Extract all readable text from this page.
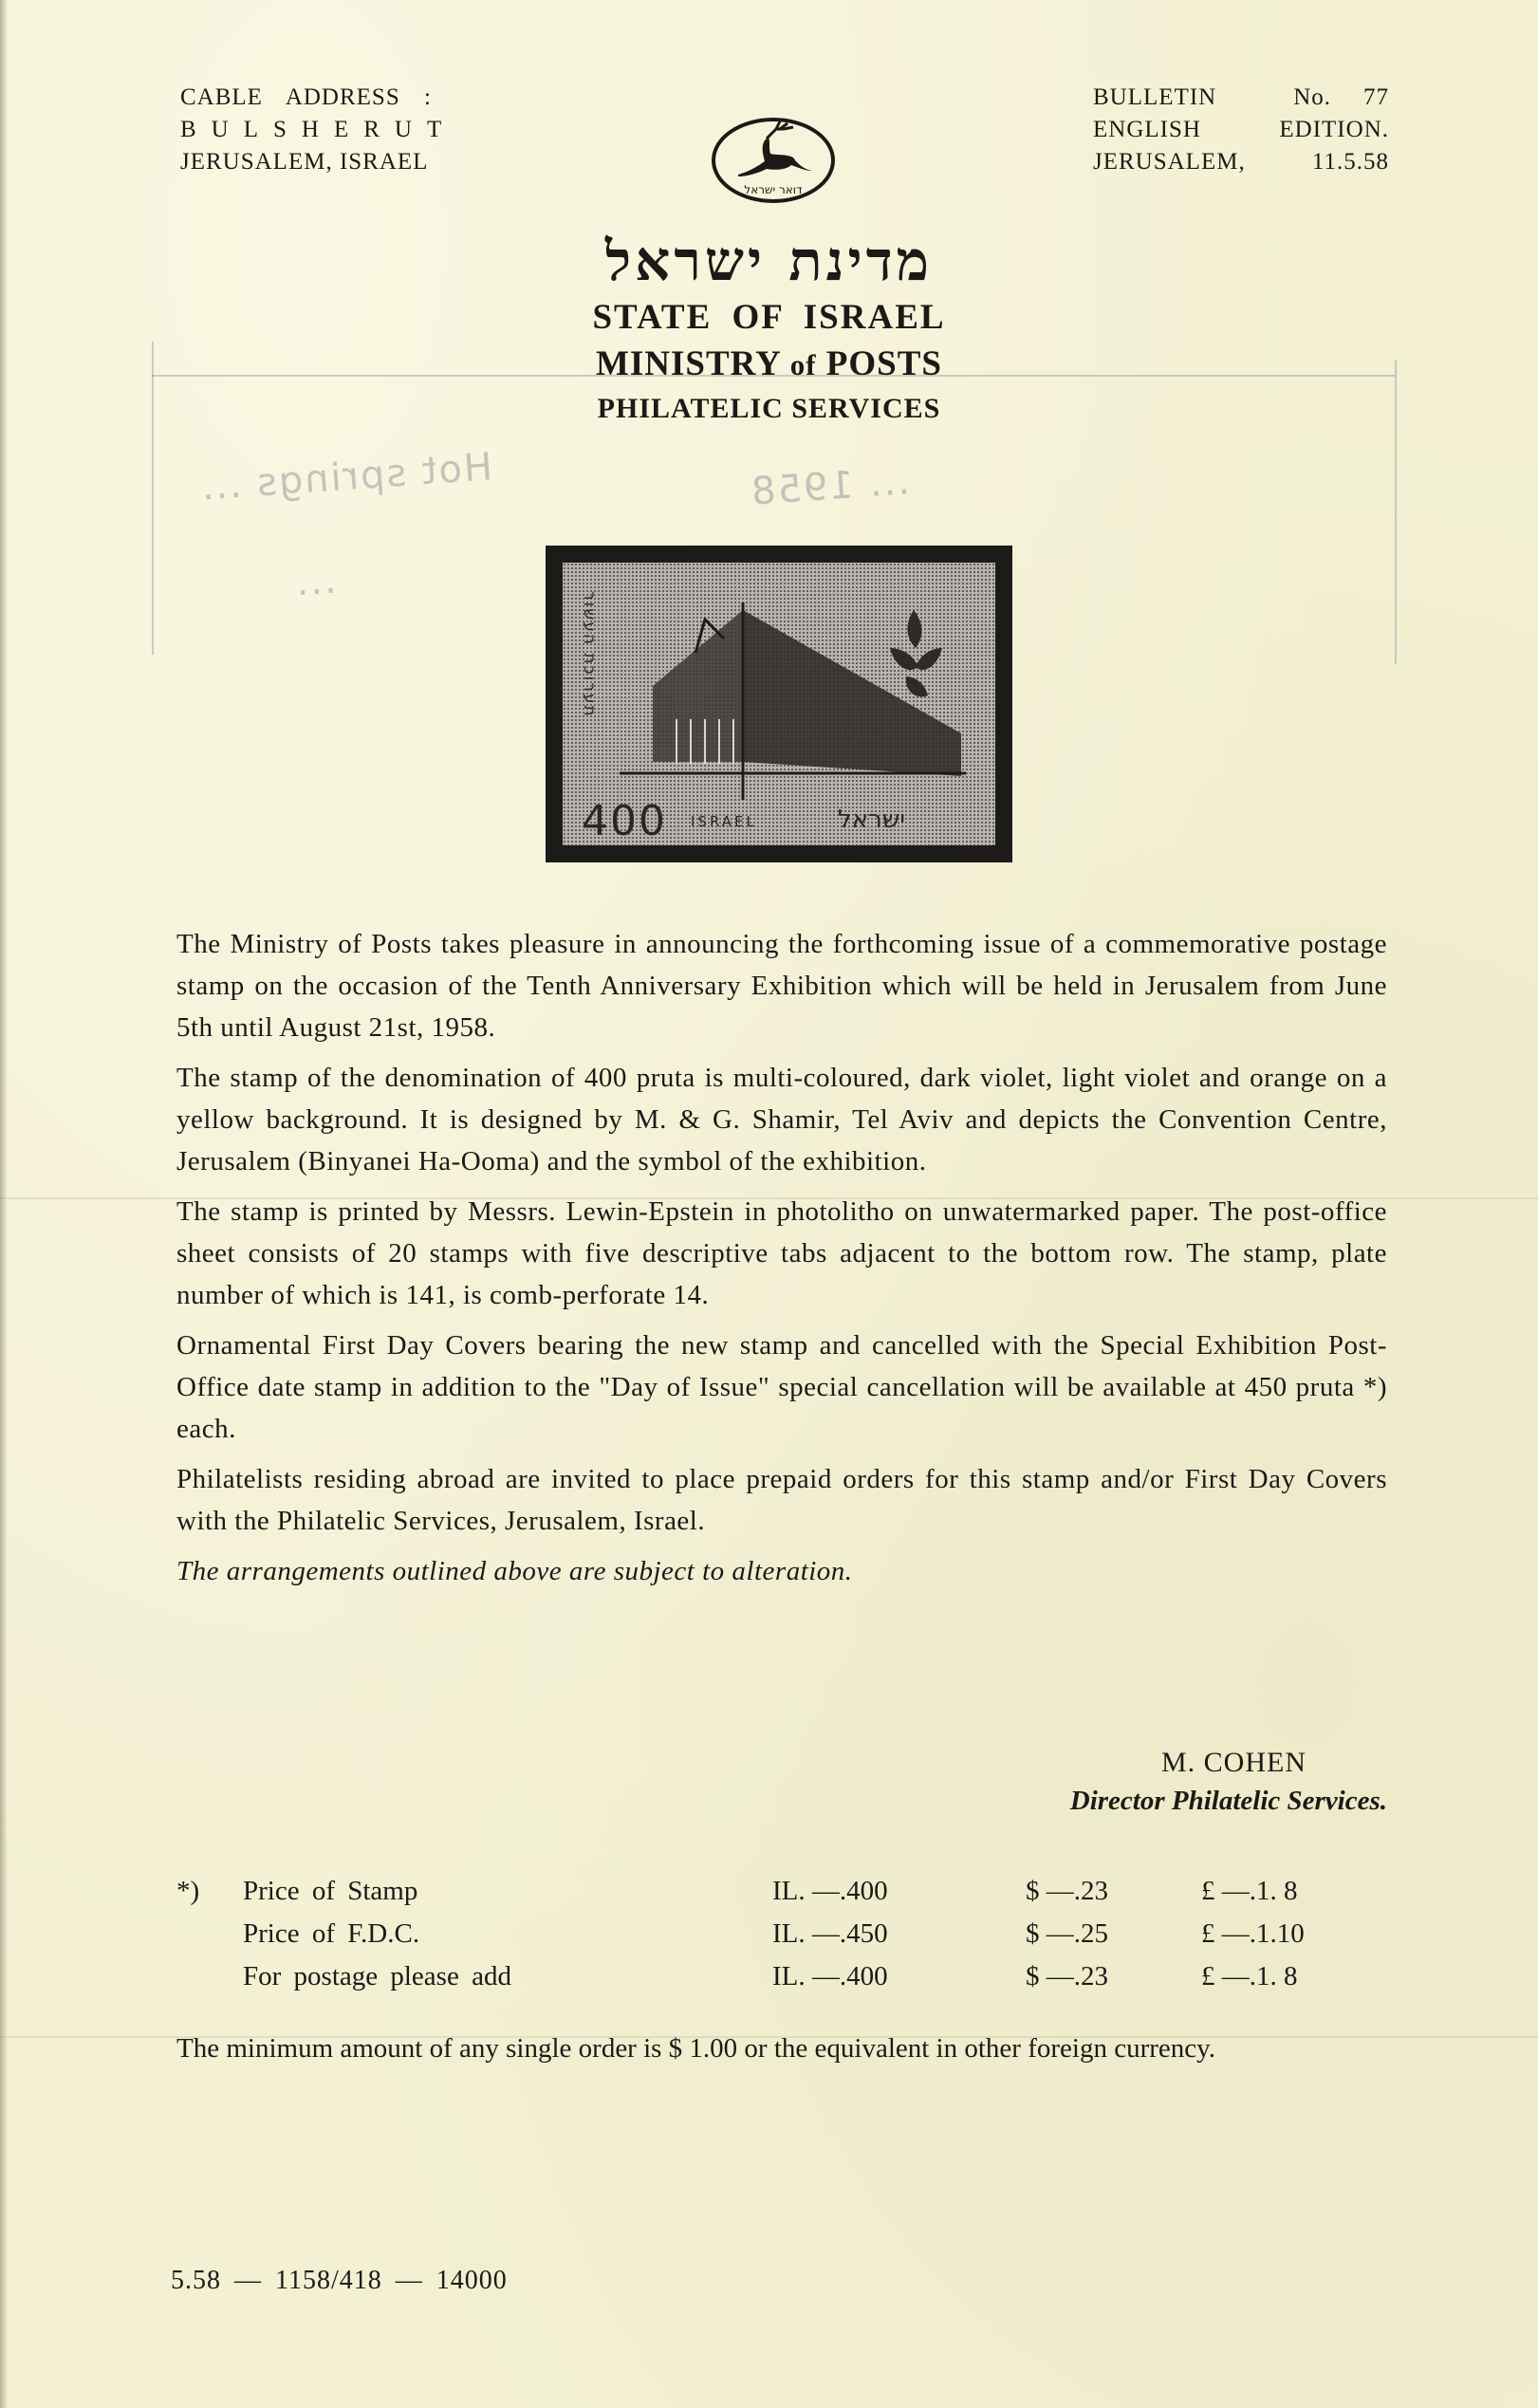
CABLE ADDRESS :
BULSHERUT
JERUSALEM, ISRAEL
BULLETIN	No. 77
ENGLISH	EDITION.
JERUSALEM,	11.5.58
דואר ישראל
מדינת ישראל
STATE OF ISRAEL
MINISTRY of POSTS
PHILATELIC SERVICES
Hot springs ...	... 1958
...
תערוכת העשור
400 ISRAEL	ישראל

The Ministry of Posts takes pleasure in announcing the forthcoming issue of a commemorative postage stamp on the occasion of the Tenth Anniversary Exhibition which will be held in Jerusalem from June 5th until August 21st, 1958.

The stamp of the denomination of 400 pruta is multi-coloured, dark violet, light violet and orange on a yellow background. It is designed by M. & G. Shamir, Tel Aviv and depicts the Convention Centre, Jerusalem (Binyanei Ha-Ooma) and the symbol of the exhibition.

The stamp is printed by Messrs. Lewin-Epstein in photolitho on unwatermarked paper. The post-office sheet consists of 20 stamps with five descriptive tabs adjacent to the bottom row. The stamp, plate number of which is 141, is comb-perforate 14.

Ornamental First Day Covers bearing the new stamp and cancelled with the Special Exhibition Post-Office date stamp in addition to the "Day of Issue" special cancellation will be available at 450 pruta *) each.

Philatelists residing abroad are invited to place prepaid orders for this stamp and/or First Day Covers with the Philatelic Services, Jerusalem, Israel.

The arrangements outlined above are subject to alteration.

M. COHEN
Director Philatelic Services.
*) Price of Stamp	IL. —.400	$ —.23	£ —.1. 8
Price of F.D.C.	IL. —.450	$ —.25	£ —.1.10
For postage please add	IL. —.400	$ —.23	£ —.1. 8
The minimum amount of any single order is $ 1.00 or the equivalent in other foreign currency.
5.58 — 1158/418 — 14000
